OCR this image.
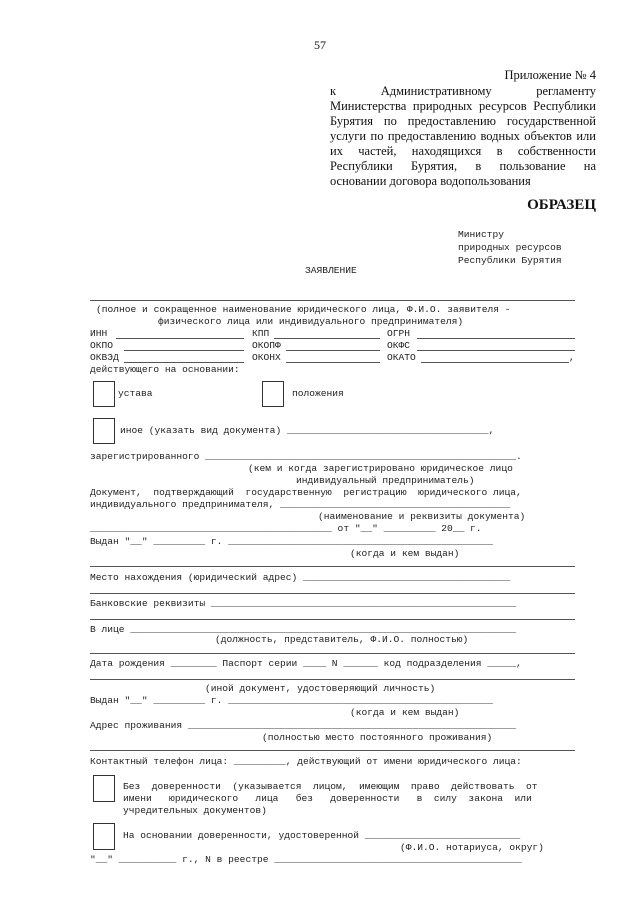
57
Приложение № 4
к Административному регламенту
Министерства природных ресурсов Республики
Бурятия по предоставлению государственной
услуги по предоставлению водных объектов или
их частей, находящихся в собственности
Республики Бурятия, в пользование на
основании договора водопользования
ОБРАЗЕЦ
Министру
природных ресурсов
Республики Бурятия
ЗАЯВЛЕНИЕ
(полное и сокращенное наименование юридического лица, Ф.И.О. заявителя -
физического лица или индивидуального предпринимателя)
ИНН	КПП	ОГРН
ОКПО	ОКОПФ	ОКФС
ОКВЭД	ОКОНХ	ОКАТО	,
действующего на основании:
устава	положения
иное (указать вид документа) ___________________________________,
зарегистрированного ______________________________________________________.
(кем и когда зарегистрировано юридическое лицо
индивидуальный предприниматель)
Документ,  подтверждающий  государственную  регистрацию  юридического лица,
индивидуального предпринимателя, ________________________________________
(наименование и реквизиты документа)
__________________________________________ от "__" _________ 20__ г.
Выдан "__" _________ г. ______________________________________________
(когда и кем выдан)
Место нахождения (юридический адрес) ____________________________________
Банковские реквизиты _____________________________________________________
В лице ___________________________________________________________________
(должность, представитель, Ф.И.О. полностью)
Дата рождения ________ Паспорт серии ____ N ______ код подразделения _____,
(иной документ, удостоверяющий личность)
Выдан "__" _________ г. ______________________________________________
(когда и кем выдан)
Адрес проживания _________________________________________________________
(полностью место постоянного проживания)
Контактный телефон лица: _________, действующий от имени юридического лица:
Без  доверенности  (указывается  лицом,  имеющим  право  действовать  от
имени   юридического   лица   без   доверенности   в  силу  закона  или
учредительных документов)
На основании доверенности, удостоверенной ___________________________
(Ф.И.О. нотариуса, округ)
"__" __________ г., N в реестре ___________________________________________
